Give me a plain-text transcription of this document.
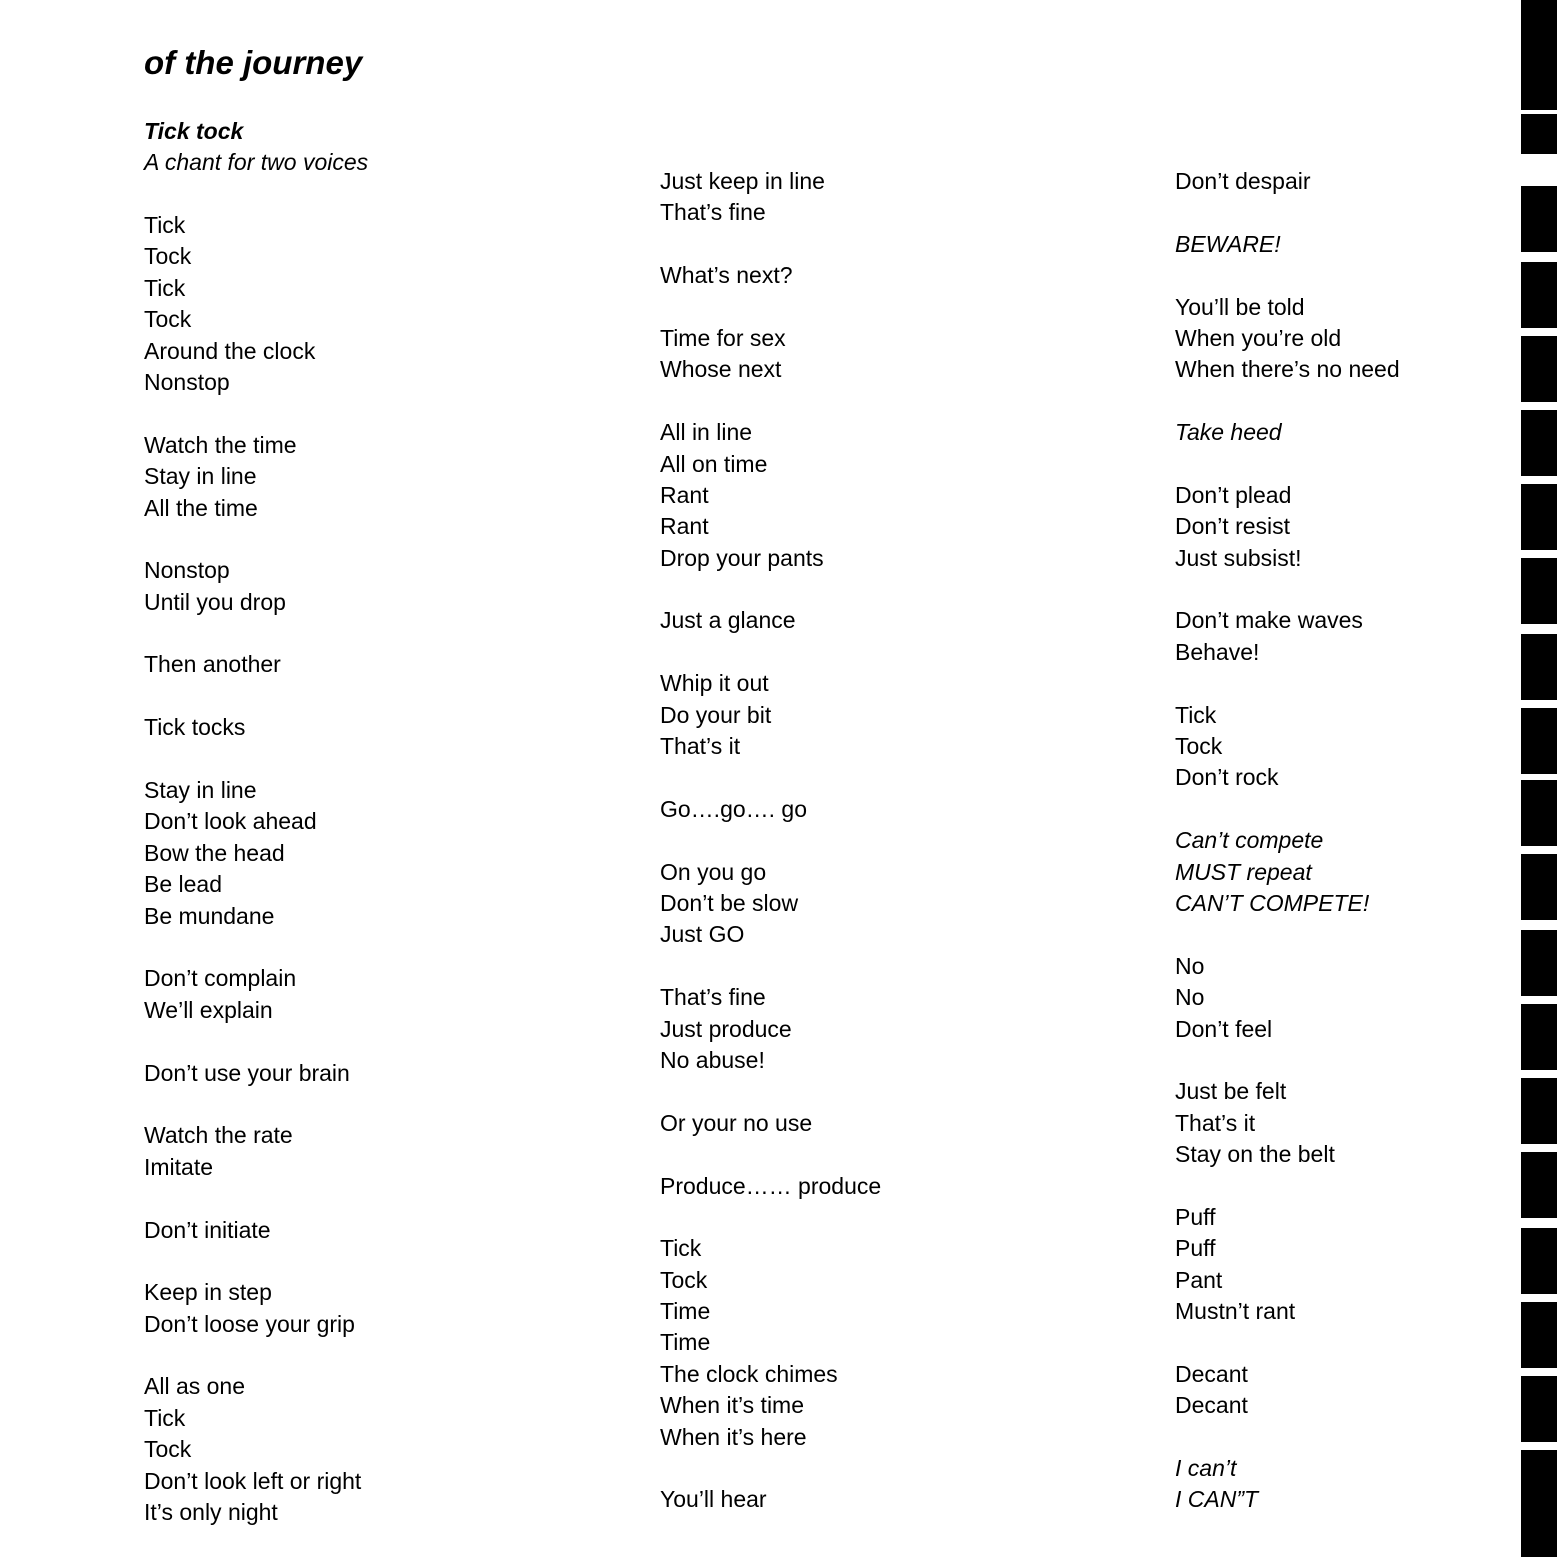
of the journey
Tick tock

A chant for two voices

Tick
Tock
Tick
Tock
Around the clock
Nonstop
Watch the time
Stay in line
All the time
Nonstop
Until you drop
Then another
Tick tocks
Stay in line
Don’t look ahead
Bow the head
Be lead
Be mundane
Don’t complain
We’ll explain
Don’t use your brain
Watch the rate
Imitate
Don’t initiate
Keep in step
Don’t loose your grip
All as one
Tick
Tock
Don’t look left or right
It’s only night
Just keep in line
That’s fine
What’s next?
Time for sex
Whose next
All in line
All on time
Rant
Rant
Drop your pants
Just a glance
Whip it out
Do your bit
That’s it
Go….go…. go
On you go
Don’t be slow
Just GO
That’s fine
Just produce
No abuse!
Or your no use
Produce…… produce
Tick
Tock
Time
Time
The clock chimes
When it’s time
When it’s here
You’ll hear
Don’t despair
BEWARE!
You’ll be told
When you’re old
When there’s no need
Take heed
Don’t plead
Don’t resist
Just subsist!
Don’t make waves
Behave!
Tick
Tock
Don’t rock
Can’t compete
MUST repeat
CAN’T COMPETE!
No
No
Don’t feel
Just be felt
That’s it
Stay on the belt
Puff
Puff
Pant
Mustn’t rant
Decant
Decant
I can’t
I CAN”T
25
